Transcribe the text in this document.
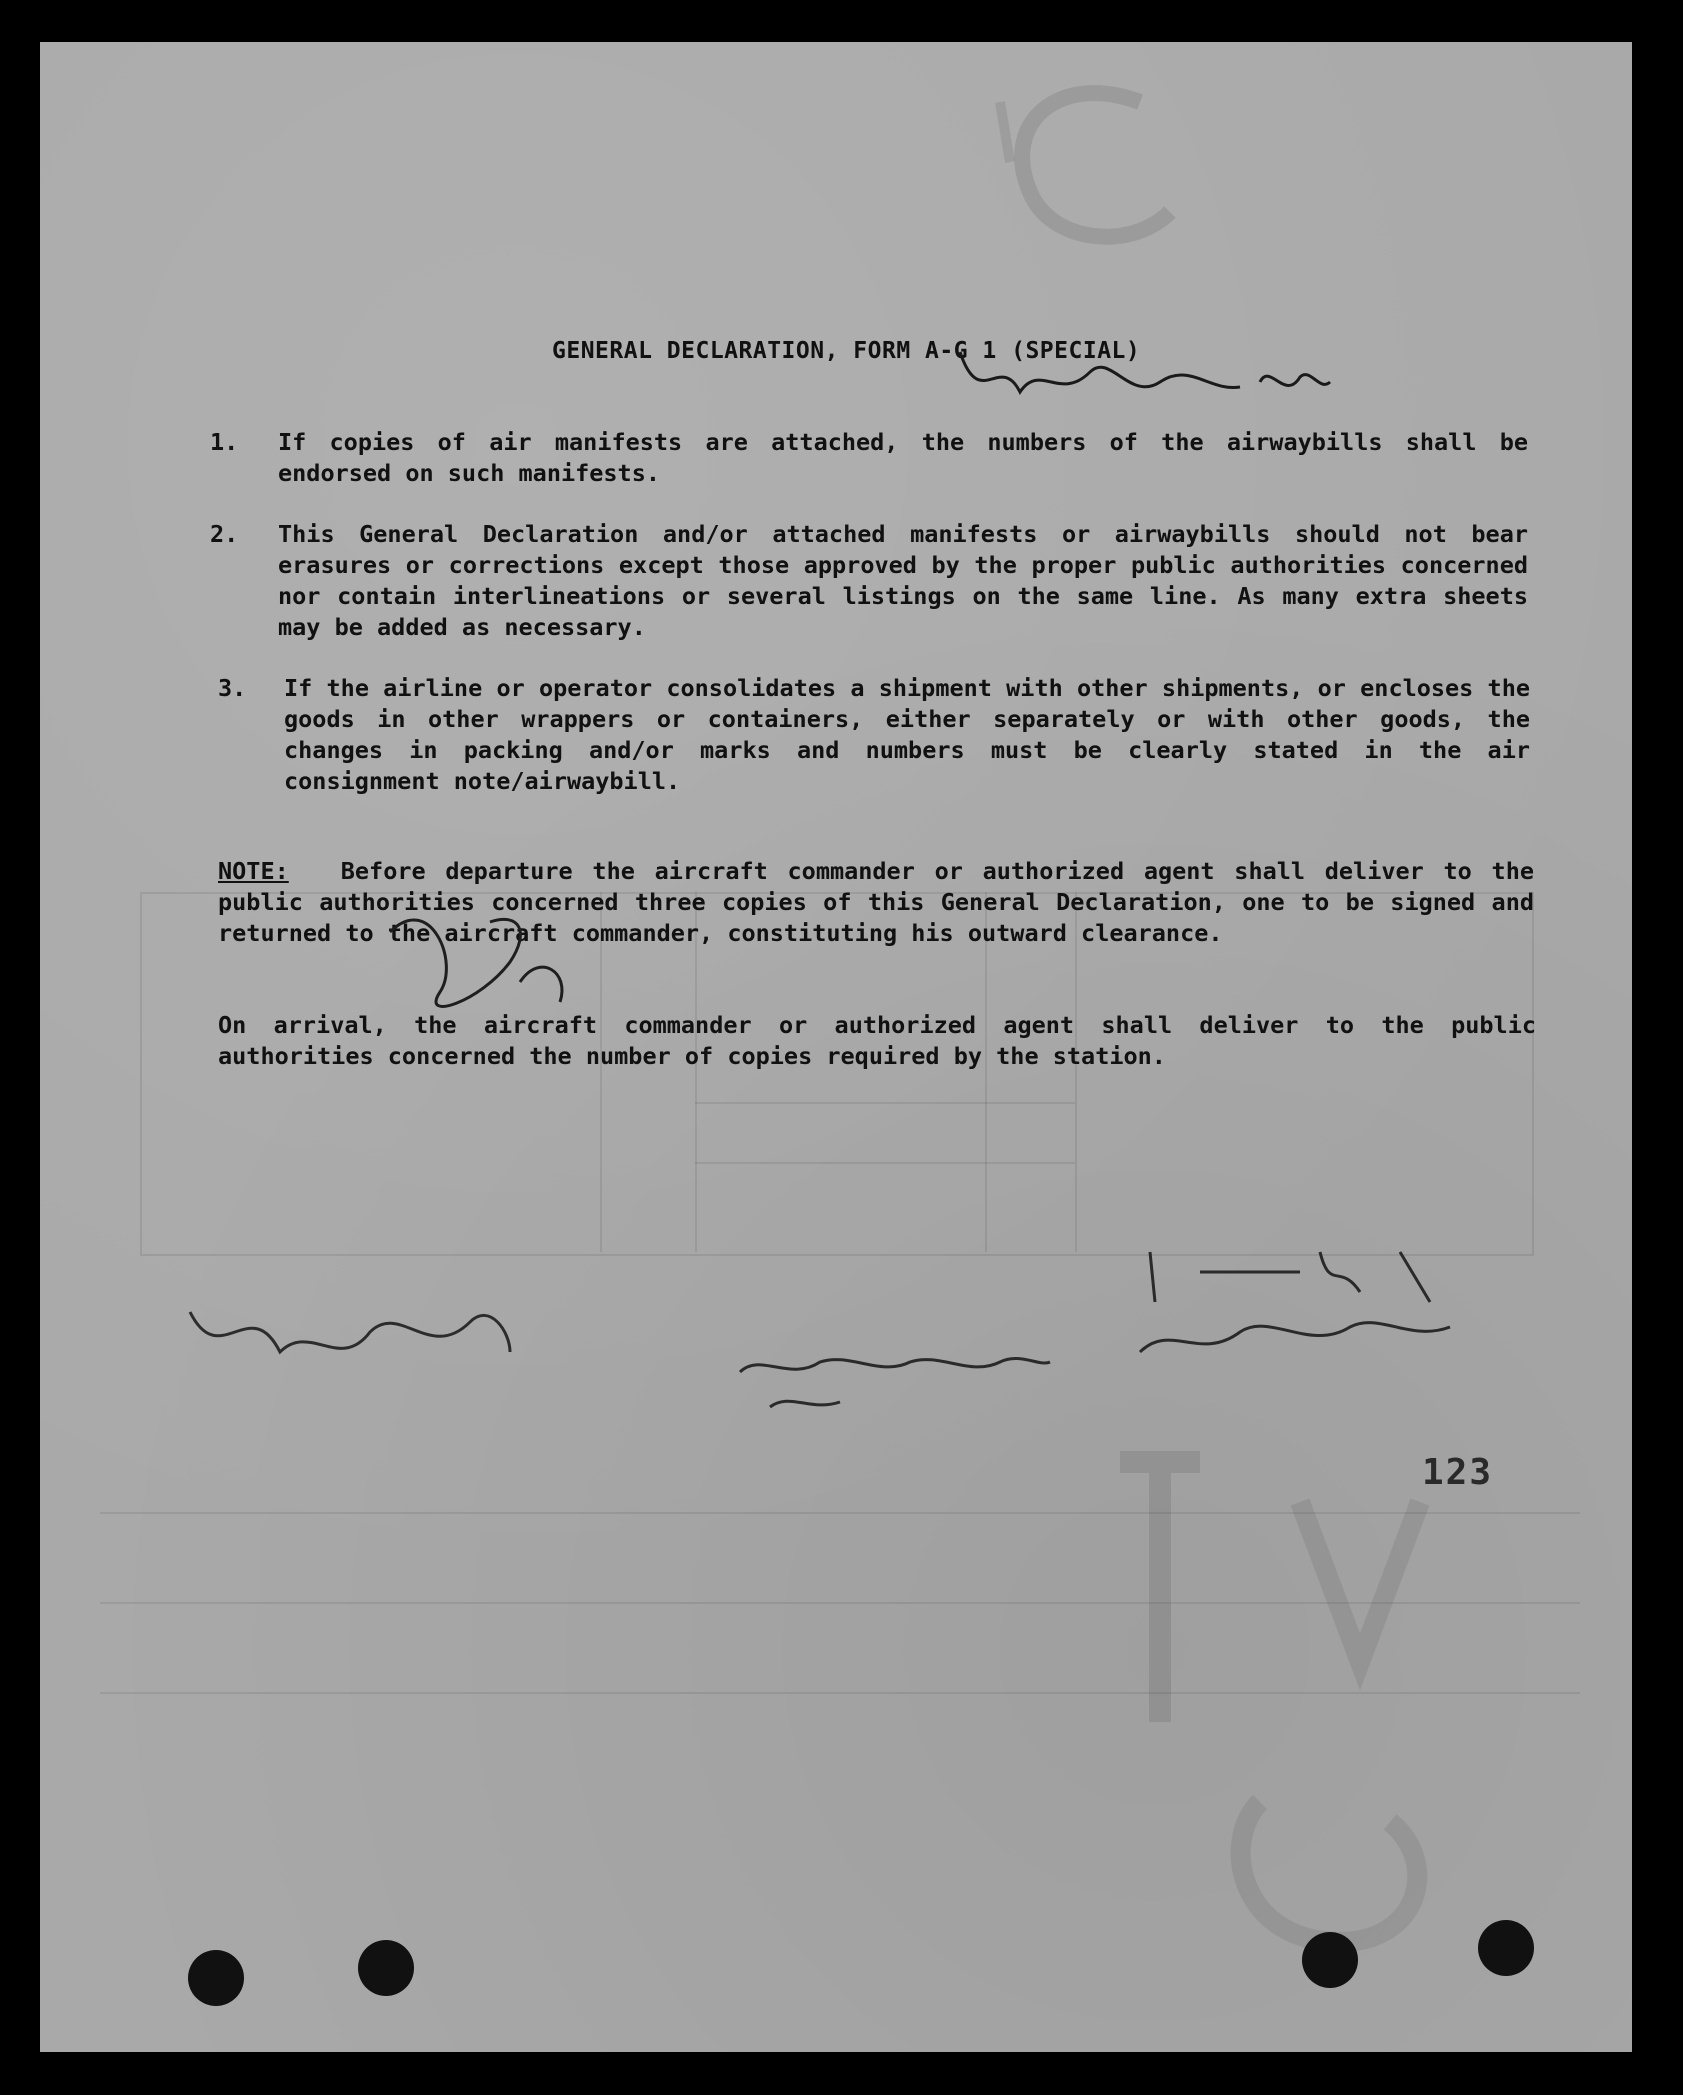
GENERAL DECLARATION, FORM A-G 1 (SPECIAL)
1. If copies of air manifests are attached, the numbers of the airwaybills shall be endorsed on such manifests.
2. This General Declaration and/or attached manifests or airwaybills should not bear erasures or corrections except those approved by the proper public authorities concerned nor contain interlineations or several listings on the same line. As many extra sheets may be added as necessary.
3. If the airline or operator consolidates a shipment with other shipments, or encloses the goods in other wrappers or containers, either separately or with other goods, the changes in packing and/or marks and numbers must be clearly stated in the air consignment note/airwaybill.
NOTE: Before departure the aircraft commander or authorized agent shall deliver to the public authorities concerned three copies of this General Declaration, one to be signed and returned to the aircraft commander, constituting his outward clearance.
On arrival, the aircraft commander or authorized agent shall deliver to the public authorities concerned the number of copies required by the station.
123
